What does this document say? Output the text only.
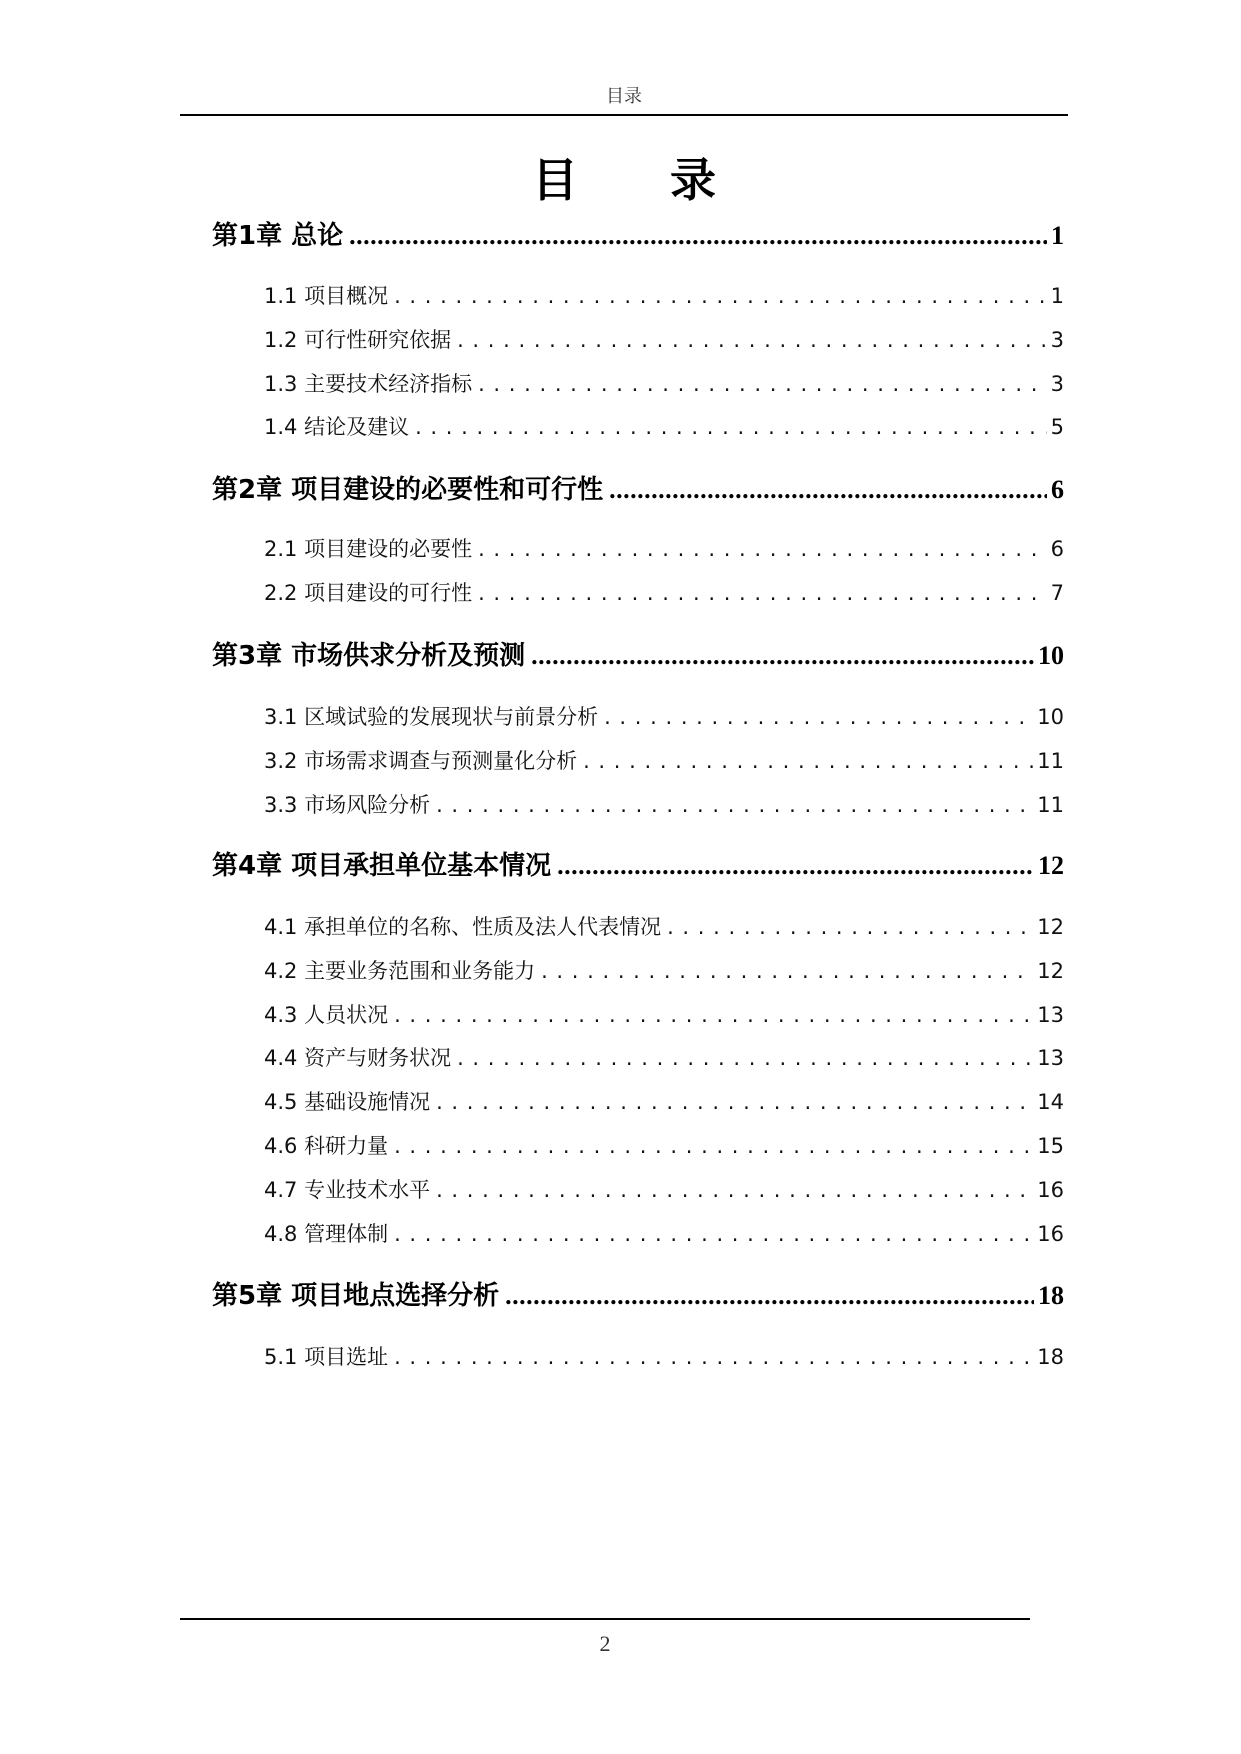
目录
目 录
第1章 总论 .....	1
1.1 项目概况 . . .	1
1.2 可行性研究依据 . . .	3
1.3 主要技术经济指标 . . .	3
1.4 结论及建议 . . .	5
第2章 项目建设的必要性和可行性 .....	6
2.1 项目建设的必要性 . . .	6
2.2 项目建设的可行性 . . .	7
第3章 市场供求分析及预测 .....	10
3.1 区域试验的发展现状与前景分析 . . .	10
3.2 市场需求调查与预测量化分析 . . .	11
3.3 市场风险分析 . . .	11
第4章 项目承担单位基本情况 .....	12
4.1 承担单位的名称、性质及法人代表情况 . . .	12
4.2 主要业务范围和业务能力 . . .	12
4.3 人员状况 . . .	13
4.4 资产与财务状况 . . .	13
4.5 基础设施情况 . . .	14
4.6 科研力量 . . .	15
4.7 专业技术水平 . . .	16
4.8 管理体制 . . .	16
第5章 项目地点选择分析 .....	18
5.1 项目选址 . . .	18
2
